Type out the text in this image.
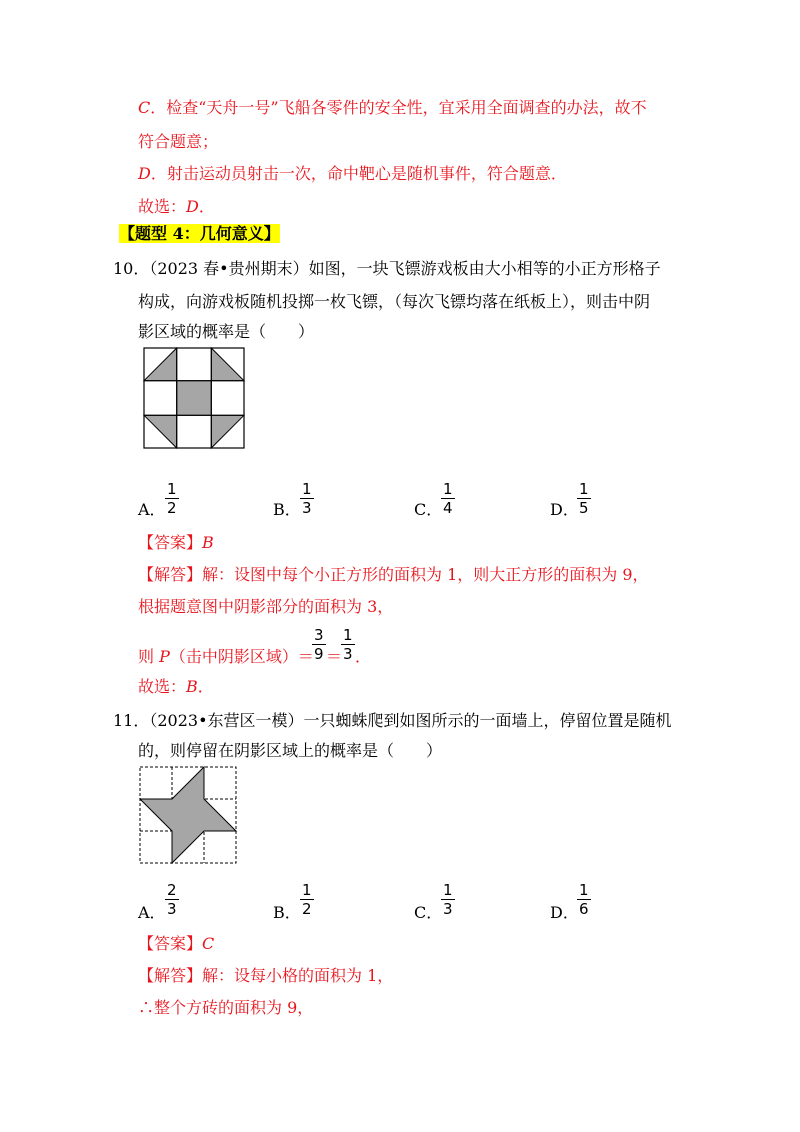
C．检查“天舟一号”飞船各零件的安全性，宜采用全面调查的办法，故不
符合题意；
D．射击运动员射击一次，命中靶心是随机事件，符合题意．
故选：D．
【题型 4：几何意义】
10．（2023 春•贵州期末）如图，一块飞镖游戏板由大小相等的小正方形格子
构成，向游戏板随机投掷一枚飞镖，（每次飞镖均落在纸板上），则击中阴
影区域的概率是（　　）
A．
1
2	B．
1
3	C．
1
4	D．
1
5
【答案】B
【解答】解：设图中每个小正方形的面积为 1，则大正方形的面积为 9，
根据题意图中阴影部分的面积为 3，
则 P（击中阴影区域）＝
3
9 ＝
1
3 ．
故选：B．
11．（2023•东营区一模）一只蜘蛛爬到如图所示的一面墙上，停留位置是随机
的，则停留在阴影区域上的概率是（　　）
A．
2
3	B．
1
2	C．
1
3	D．
1
6
【答案】C
【解答】解：设每小格的面积为 1，
∴整个方砖的面积为 9，
